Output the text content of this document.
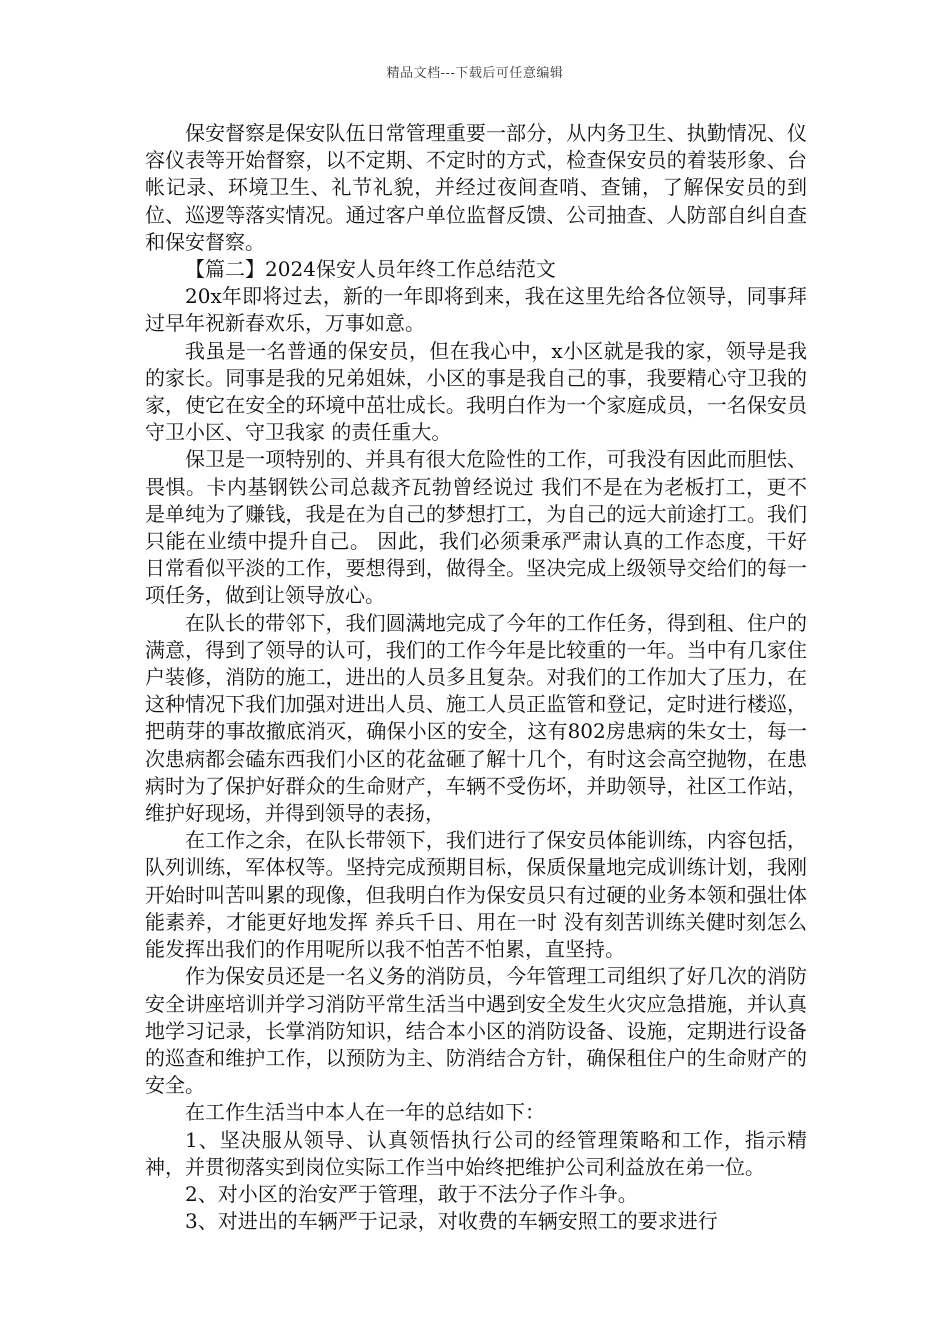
精品文档---下载后可任意编辑

保安督察是保安队伍日常管理重要一部分，从内务卫生、执勤情况、仪容仪表等开始督察，以不定期、不定时的方式，检查保安员的着装形象、台帐记录、环境卫生、礼节礼貌，并经过夜间查哨、查铺，了解保安员的到位、巡逻等落实情况。通过客户单位监督反馈、公司抽查、人防部自纠自查和保安督察。

【篇二】2024保安人员年终工作总结范文

20x年即将过去，新的一年即将到来，我在这里先给各位领导，同事拜过早年祝新春欢乐，万事如意。

我虽是一名普通的保安员，但在我心中，x小区就是我的家，领导是我的家长。同事是我的兄弟姐妹，小区的事是我自己的事，我要精心守卫我的家，使它在安全的环境中茁壮成长。我明白作为一个家庭成员，一名保安员 守卫小区、守卫我家 的责任重大。

保卫是一项特别的、并具有很大危险性的工作，可我没有因此而胆怯、畏惧。卡内基钢铁公司总裁齐瓦勃曾经说过 我们不是在为老板打工，更不是单纯为了赚钱，我是在为自己的梦想打工，为自己的远大前途打工。我们只能在业绩中提升自己。 因此，我们必须秉承严肃认真的工作态度，干好日常看似平淡的工作，要想得到，做得全。坚决完成上级领导交给们的每一项任务，做到让领导放心。

在队长的带邻下，我们圆满地完成了今年的工作任务，得到租、住户的满意，得到了领导的认可，我们的工作今年是比较重的一年。当中有几家住户装修，消防的施工，进出的人员多且复杂。对我们的工作加大了压力，在这种情况下我们加强对进出人员、施工人员正监管和登记，定时进行楼巡，把萌芽的事故撤底消灭，确保小区的安全，这有802房患病的朱女士，每一次患病都会磕东西我们小区的花盆砸了解十几个，有时这会高空抛物，在患病时为了保护好群众的生命财产，车辆不受伤坏，并助领导，社区工作站，维护好现场，并得到领导的表扬，

在工作之余，在队长带领下，我们进行了保安员体能训练，内容包括，队列训练，军体权等。坚持完成预期目标，保质保量地完成训练计划，我刚开始时叫苦叫累的现像，但我明白作为保安员只有过硬的业务本领和强壮体能素养，才能更好地发挥 养兵千日、用在一时 没有刻苦训练关健时刻怎么能发挥出我们的作用呢所以我不怕苦不怕累，直坚持。

作为保安员还是一名义务的消防员，今年管理工司组织了好几次的消防安全讲座培训并学习消防平常生活当中遇到安全发生火灾应急措施，并认真地学习记录，长掌消防知识，结合本小区的消防设备、设施，定期进行设备的巡查和维护工作，以预防为主、防消结合方针，确保租住户的生命财产的安全。

在工作生活当中本人在一年的总结如下：

1、坚决服从领导、认真领悟执行公司的经管理策略和工作，指示精神，并贯彻落实到岗位实际工作当中始终把维护公司利益放在弟一位。

2、对小区的治安严于管理，敢于不法分子作斗争。

3、对进出的车辆严于记录，对收费的车辆安照工的要求进行
